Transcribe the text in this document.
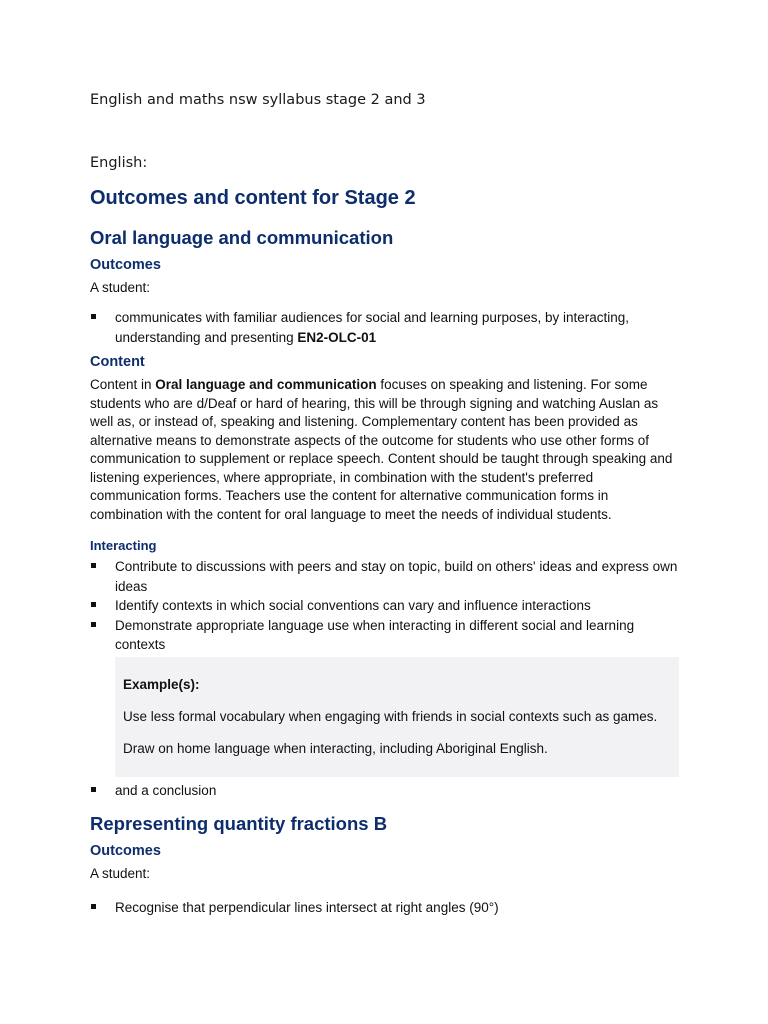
English and maths nsw syllabus stage 2 and 3
English:
Outcomes and content for Stage 2
Oral language and communication
Outcomes
A student:
communicates with familiar audiences for social and learning purposes, by interacting, understanding and presenting EN2-OLC-01
Content
Content in Oral language and communication focuses on speaking and listening. For some students who are d/Deaf or hard of hearing, this will be through signing and watching Auslan as well as, or instead of, speaking and listening. Complementary content has been provided as alternative means to demonstrate aspects of the outcome for students who use other forms of communication to supplement or replace speech. Content should be taught through speaking and listening experiences, where appropriate, in combination with the student's preferred communication forms. Teachers use the content for alternative communication forms in combination with the content for oral language to meet the needs of individual students.
Interacting
Contribute to discussions with peers and stay on topic, build on others' ideas and express own ideas
Identify contexts in which social conventions can vary and influence interactions
Demonstrate appropriate language use when interacting in different social and learning contexts
Example(s):
Use less formal vocabulary when engaging with friends in social contexts such as games.
Draw on home language when interacting, including Aboriginal English.
and a conclusion
Representing quantity fractions B
Outcomes
A student:
Recognise that perpendicular lines intersect at right angles (90°)
